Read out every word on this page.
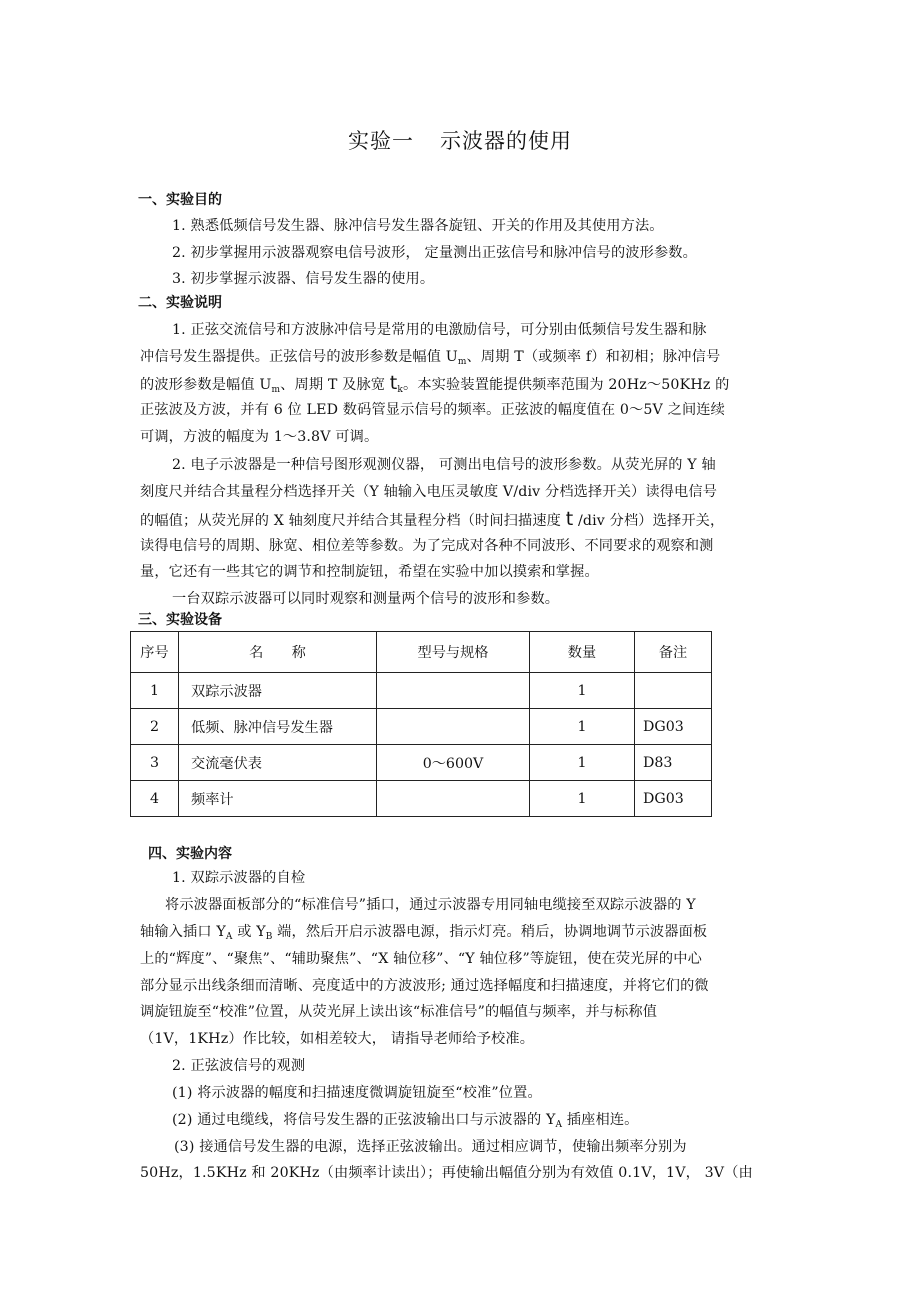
实验一 示波器的使用
一、实验目的
1. 熟悉低频信号发生器、脉冲信号发生器各旋钮、开关的作用及其使用方法。
2. 初步掌握用示波器观察电信号波形， 定量测出正弦信号和脉冲信号的波形参数。
3. 初步掌握示波器、信号发生器的使用。
二、实验说明
1. 正弦交流信号和方波脉冲信号是常用的电激励信号，可分别由低频信号发生器和脉
冲信号发生器提供。正弦信号的波形参数是幅值 $U_m$、周期 T（或频率 f）和初相；脉冲信号
的波形参数是幅值 $U_m$、周期 T 及脉宽 $t_k$。本实验装置能提供频率范围为 20Hz～50KHz 的
正弦波及方波，并有 6 位 LED 数码管显示信号的频率。正弦波的幅度值在 0～5V 之间连续
可调，方波的幅度为 1～3.8V 可调。
2. 电子示波器是一种信号图形观测仪器， 可测出电信号的波形参数。从荧光屏的 Y 轴
刻度尺并结合其量程分档选择开关（Y 轴输入电压灵敏度 V/div 分档选择开关）读得电信号
的幅值；从荧光屏的 X 轴刻度尺并结合其量程分档（时间扫描速度 t /div 分档）选择开关，
读得电信号的周期、脉宽、相位差等参数。为了完成对各种不同波形、不同要求的观察和测
量，它还有一些其它的调节和控制旋钮，希望在实验中加以摸索和掌握。
一台双踪示波器可以同时观察和测量两个信号的波形和参数。
三、实验设备
序号	名　　称	型号与规格	数量	备注
1	双踪示波器		1	
2	低频、脉冲信号发生器		1	DG03
3	交流毫伏表	0～600V	1	D83
4	频率计		1	DG03
四、实验内容
1. 双踪示波器的自检
将示波器面板部分的“标准信号”插口，通过示波器专用同轴电缆接至双踪示波器的 Y
轴输入插口 $Y_A$ 或 $Y_B$ 端，然后开启示波器电源，指示灯亮。稍后，协调地调节示波器面板
上的“辉度”、“聚焦”、“辅助聚焦”、“X 轴位移”、“Y 轴位移”等旋钮，使在荧光屏的中心
部分显示出线条细而清晰、亮度适中的方波波形; 通过选择幅度和扫描速度，并将它们的微
调旋钮旋至“校准”位置，从荧光屏上读出该“标准信号”的幅值与频率，并与标称值
（1V，1KHz）作比较，如相差较大， 请指导老师给予校准。
2. 正弦波信号的观测
(1) 将示波器的幅度和扫描速度微调旋钮旋至“校准”位置。
(2) 通过电缆线，将信号发生器的正弦波输出口与示波器的 $Y_A$ 插座相连。
(3) 接通信号发生器的电源，选择正弦波输出。通过相应调节，使输出频率分别为
50Hz，1.5KHz 和 20KHz（由频率计读出）；再使输出幅值分别为有效值 0.1V，1V， 3V（由
